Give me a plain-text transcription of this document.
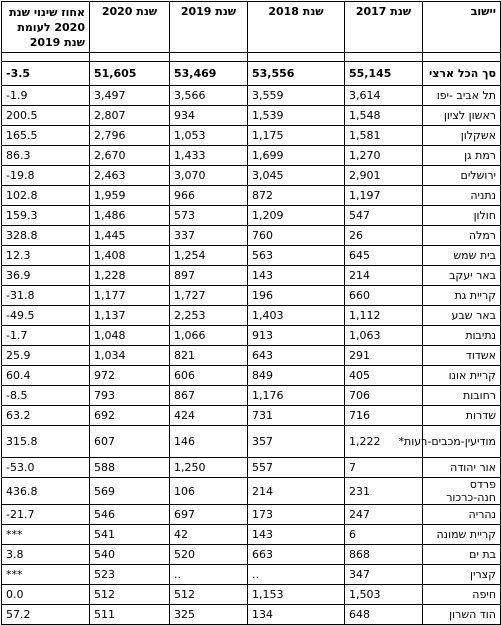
יישוב	שנת 2017	שנת 2018	שנת 2019	שנת 2020	אחוז שינוי שנת 2020 לעומת שנת 2019

סך הכל ארצי	55,145	53,556	53,469	51,605	-3.5
תל אביב -יפו	3,614	3,559	3,566	3,497	-1.9
ראשון לציון	1,548	1,539	934	2,807	200.5
אשקלון	1,581	1,175	1,053	2,796	165.5
רמת גן	1,270	1,699	1,433	2,670	86.3
ירושלים	2,901	3,045	3,070	2,463	-19.8
נתניה	1,197	872	966	1,959	102.8
חולון	547	1,209	573	1,486	159.3
רמלה	26	760	337	1,445	328.8
בית שמש	645	563	1,254	1,408	12.3
באר יעקב	214	143	897	1,228	36.9
קריית גת	660	196	1,727	1,177	-31.8
באר שבע	1,112	1,403	2,253	1,137	-49.5
נתיבות	1,063	913	1,066	1,048	-1.7
אשדוד	291	643	821	1,034	25.9
קריית אונו	405	849	606	972	60.4
רחובות	706	1,176	867	793	-8.5
שדרות	716	731	424	692	63.2
מודיעין-מכבים-רעות*	1,222	357	146	607	315.8
אור יהודה	7	557	1,250	588	-53.0
פרדס חנה-כרכור	231	214	106	569	436.8
נהריה	247	173	697	546	-21.7
קריית שמונה	6	143	42	541	***
בת ים	868	663	520	540	3.8
קצרין	347	..	..	523	***
חיפה	1,503	1,153	512	512	0.0
הוד השרון	648	134	325	511	57.2
